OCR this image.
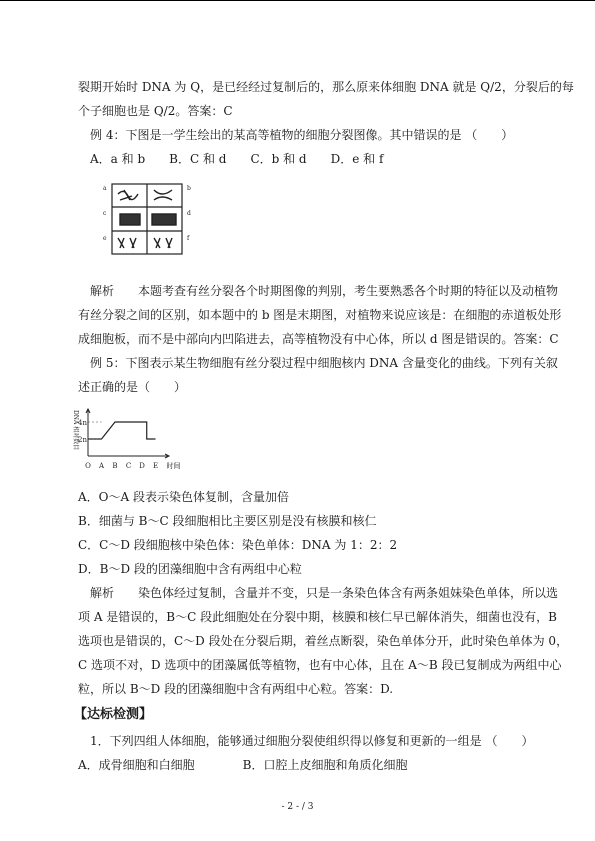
裂期开始时 DNA 为 Q，是已经经过复制后的，那么原来体细胞 DNA 就是 Q/2，分裂后的每
个子细胞也是 Q/2。答案：C
例 4：下图是一学生绘出的某高等植物的细胞分裂图像。其中错误的是 （　　）
A．a 和 b　　B．C 和 d　　C．b 和 d　　D．e 和 f
a
c
e
b
d
f
解析　　本题考查有丝分裂各个时期图像的判别，考生要熟悉各个时期的特征以及动植物
有丝分裂之间的区别，如本题中的 b 图是末期图，对植物来说应该是：在细胞的赤道板处形
成细胞板，而不是中部向内凹陷进去，高等植物没有中心体，所以 d 图是错误的。答案：C
例 5：下图表示某生物细胞有丝分裂过程中细胞核内 DNA 含量变化的曲线。下列有关叙
述正确的是（　　）
2n
4n
O A B C D E 时间
DNA 相对数目
A．O～A 段表示染色体复制，含量加倍
B．细菌与 B～C 段细胞相比主要区别是没有核膜和核仁
C．C～D 段细胞核中染色体：染色单体：DNA 为 1：2：2
D．B～D 段的团藻细胞中含有两组中心粒
解析　　染色体经过复制，含量并不变，只是一条染色体含有两条姐妹染色单体，所以选
项 A 是错误的，B～C 段此细胞处在分裂中期，核膜和核仁早已解体消失，细菌也没有，B
选项也是错误的，C～D 段处在分裂后期，着丝点断裂，染色单体分开，此时染色单体为 0，
C 选项不对，D 选项中的团藻属低等植物，也有中心体，且在 A～B 段已复制成为两组中心
粒，所以 B～D 段的团藻细胞中含有两组中心粒。答案：D.
【达标检测】
1．下列四组人体细胞，能够通过细胞分裂使组织得以修复和更新的一组是 （　　）
A．成骨细胞和白细胞　　　　B．口腔上皮细胞和角质化细胞
- 2 - / 3
